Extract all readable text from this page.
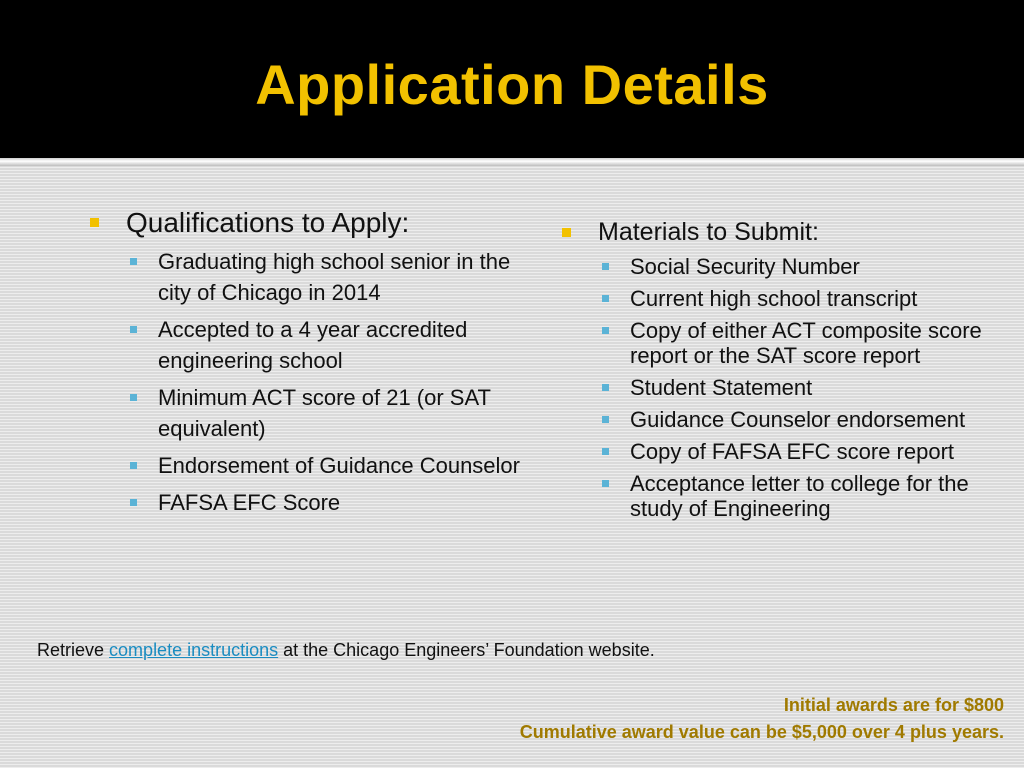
Application Details
Qualifications to Apply:
Graduating high school senior in the city of Chicago in 2014
Accepted to a 4 year accredited engineering school
Minimum ACT score of 21 (or SAT equivalent)
Endorsement of Guidance Counselor
FAFSA EFC Score
Materials to Submit:
Social Security Number
Current high school transcript
Copy of either ACT composite score report or the SAT score report
Student Statement
Guidance Counselor endorsement
Copy of FAFSA EFC score report
Acceptance letter to college for the study of Engineering
Retrieve complete instructions at the Chicago Engineers’ Foundation website.
Initial awards are for $800
Cumulative award value can be $5,000 over 4 plus years.
